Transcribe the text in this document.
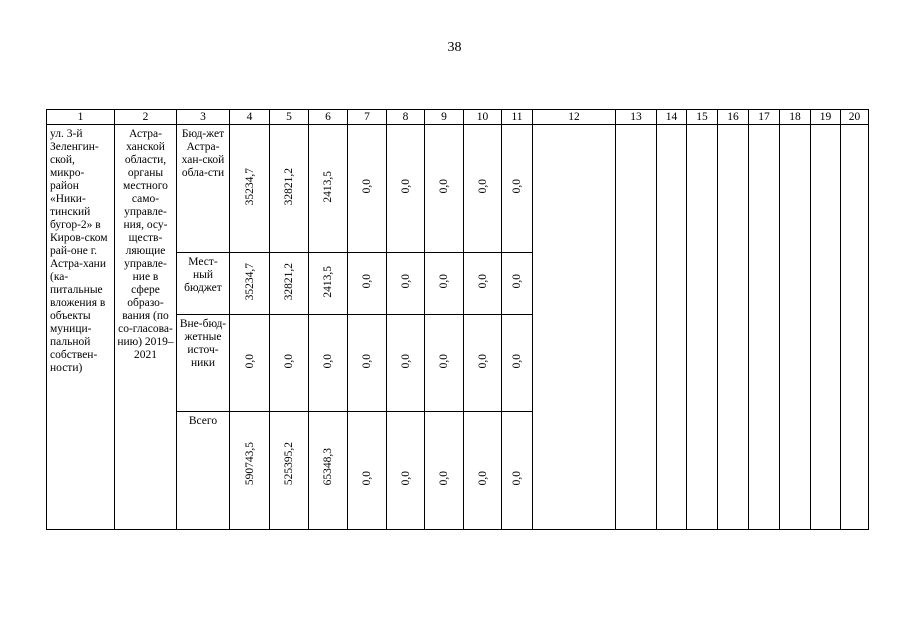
38
1	2	3	4	5	6	7	8	9	10	11	12	13	14	15	16	17	18	19	20
ул. 3-й Зеленгин-ской, микро-район «Ники-тинский бугор-2» в Киров-ском рай-оне г. Астра-хани (ка-питальные вложения в объекты муници-пальной собствен-ности)	Астра-ханской области, органы местного само-управле-ния, осу-ществ-ляющие управле-ние в сфере образо-вания (по со-гласова-нию) 2019–2021	Бюд-жет Астра-хан-ской обла-сти	35234,7	32821,2	2413,5	0,0	0,0	0,0	0,0	0,0									
		Мест-ный бюджет	35234,7	32821,2	2413,5	0,0	0,0	0,0	0,0	0,0									
		Вне-бюд-жетные источ-ники	0,0	0,0	0,0	0,0	0,0	0,0	0,0	0,0									
		Всего	590743,5	525395,2	65348,3	0,0	0,0	0,0	0,0	0,0									
